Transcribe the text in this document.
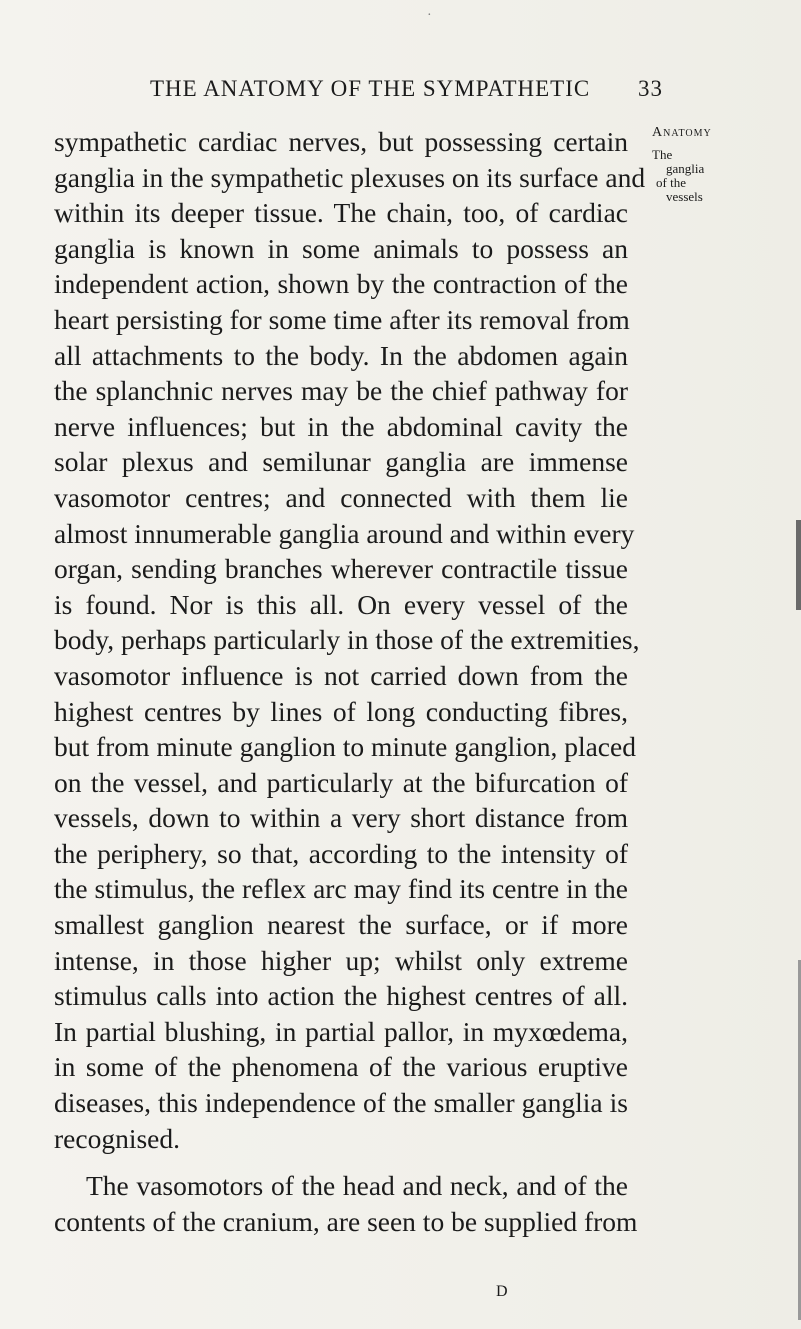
·
THE ANATOMY OF THE SYMPATHETIC 33
Anatomy
The
ganglia
of the
vessels
sympathetic cardiac nerves, but possessing certain
ganglia in the sympathetic plexuses on its surface and
within its deeper tissue. The chain, too, of cardiac
ganglia is known in some animals to possess an
independent action, shown by the contraction of the
heart persisting for some time after its removal from
all attachments to the body. In the abdomen again
the splanchnic nerves may be the chief pathway for
nerve influences; but in the abdominal cavity the
solar plexus and semilunar ganglia are immense
vasomotor centres; and connected with them lie
almost innumerable ganglia around and within every
organ, sending branches wherever contractile tissue
is found. Nor is this all. On every vessel of the
body, perhaps particularly in those of the extremities,
vasomotor influence is not carried down from the
highest centres by lines of long conducting fibres,
but from minute ganglion to minute ganglion, placed
on the vessel, and particularly at the bifurcation of
vessels, down to within a very short distance from
the periphery, so that, according to the intensity of
the stimulus, the reflex arc may find its centre in the
smallest ganglion nearest the surface, or if more
intense, in those higher up; whilst only extreme
stimulus calls into action the highest centres of all.
In partial blushing, in partial pallor, in myxœdema,
in some of the phenomena of the various eruptive
diseases, this independence of the smaller ganglia is
recognised.
The vasomotors of the head and neck, and of the
contents of the cranium, are seen to be supplied from
D
